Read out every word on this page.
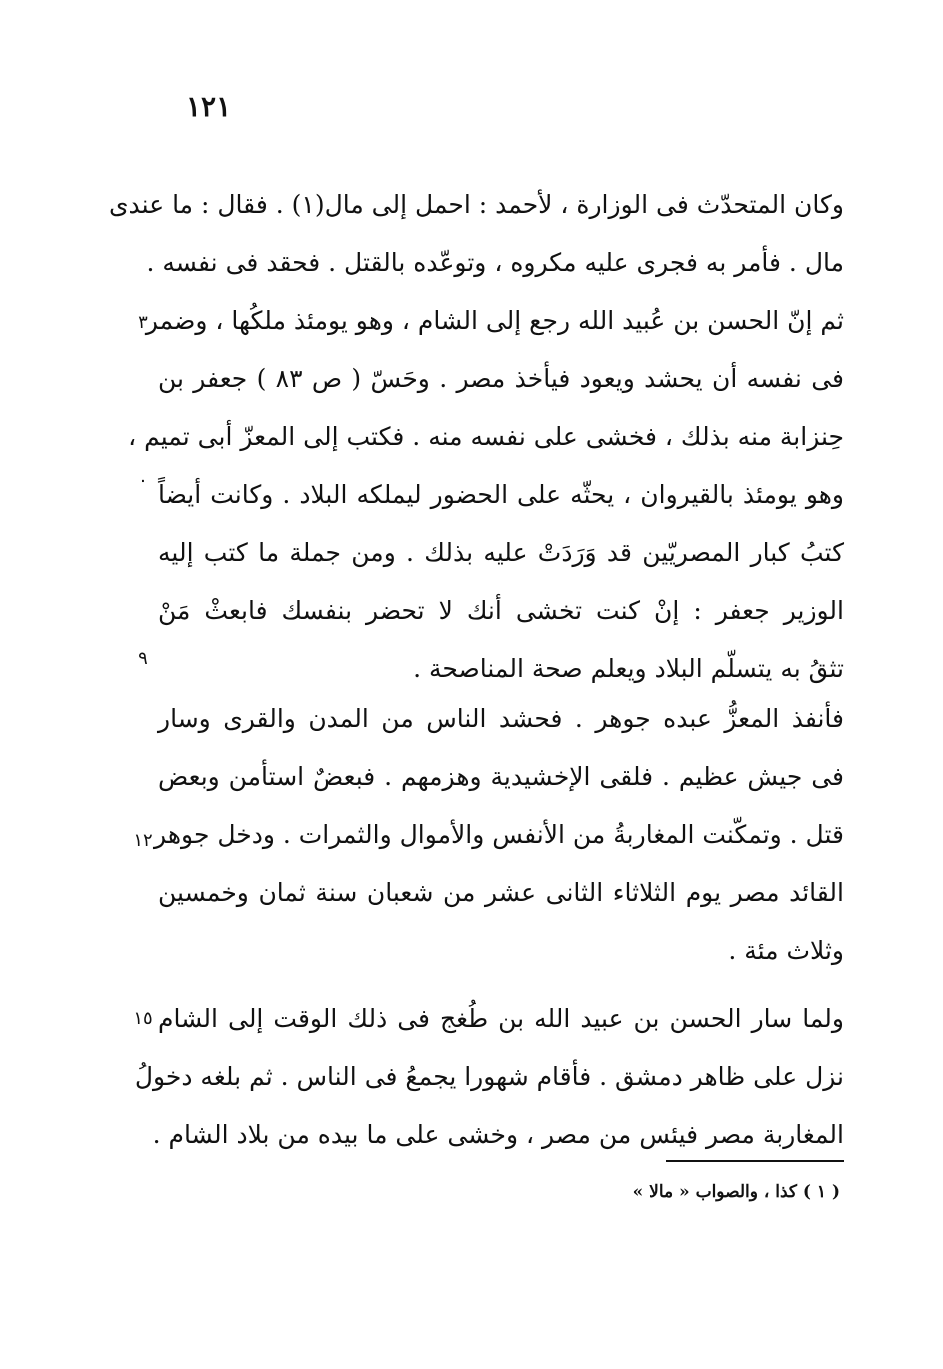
١٢١
وكان المتحدّث فى الوزارة ، لأحمد : احمل إلى مال(١) . فقال : ما عندى
مال . فأمر به فجرى عليه مكروه ، وتوعّده بالقتل . فحقد فى نفسه .
ثم إنّ الحسن بن عُبيد الله رجع إلى الشام ، وهو يومئذ ملكُها ، وضمر
فى نفسه أن يحشد ويعود فيأخذ مصر . وحَسّ ( ص ٨٣ ) جعفر بن
حِنزابة منه بذلك ، فخشى على نفسه منه . فكتب إلى المعزّ أبى تميم ،
وهو يومئذ بالقيروان ، يحثّه على الحضور ليملكه البلاد . وكانت أيضاً
كتبُ كبار المصريّين قد وَرَدَتْ عليه بذلك . ومن جملة ما كتب إليه
الوزير جعفر : إنْ كنت تخشى أنك لا تحضر بنفسك فابعثْ مَنْ
تثقُ به يتسلّم البلاد ويعلم صحة المناصحة .
فأنفذ المعزُّ عبده جوهر . فحشد الناس من المدن والقرى وسار
فى جيش عظيم . فلقى الإخشيدية وهزمهم . فبعضٌ استأمن وبعض
قتل . وتمكّنت المغاربةُ من الأنفس والأموال والثمرات . ودخل جوهر
القائد مصر يوم الثلاثاء الثانى عشر من شعبان سنة ثمان وخمسين
وثلاث مئة .
ولما سار الحسن بن عبيد الله بن طُغج فى ذلك الوقت إلى الشام
نزل على ظاهر دمشق . فأقام شهورا يجمعُ فى الناس . ثم بلغه دخولُ
المغاربة مصر فيئس من مصر ، وخشى على ما بيده من بلاد الشام .
٣
٠
٩
١٢
١٥
( ١ ) كذا ، والصواب « مالا »
